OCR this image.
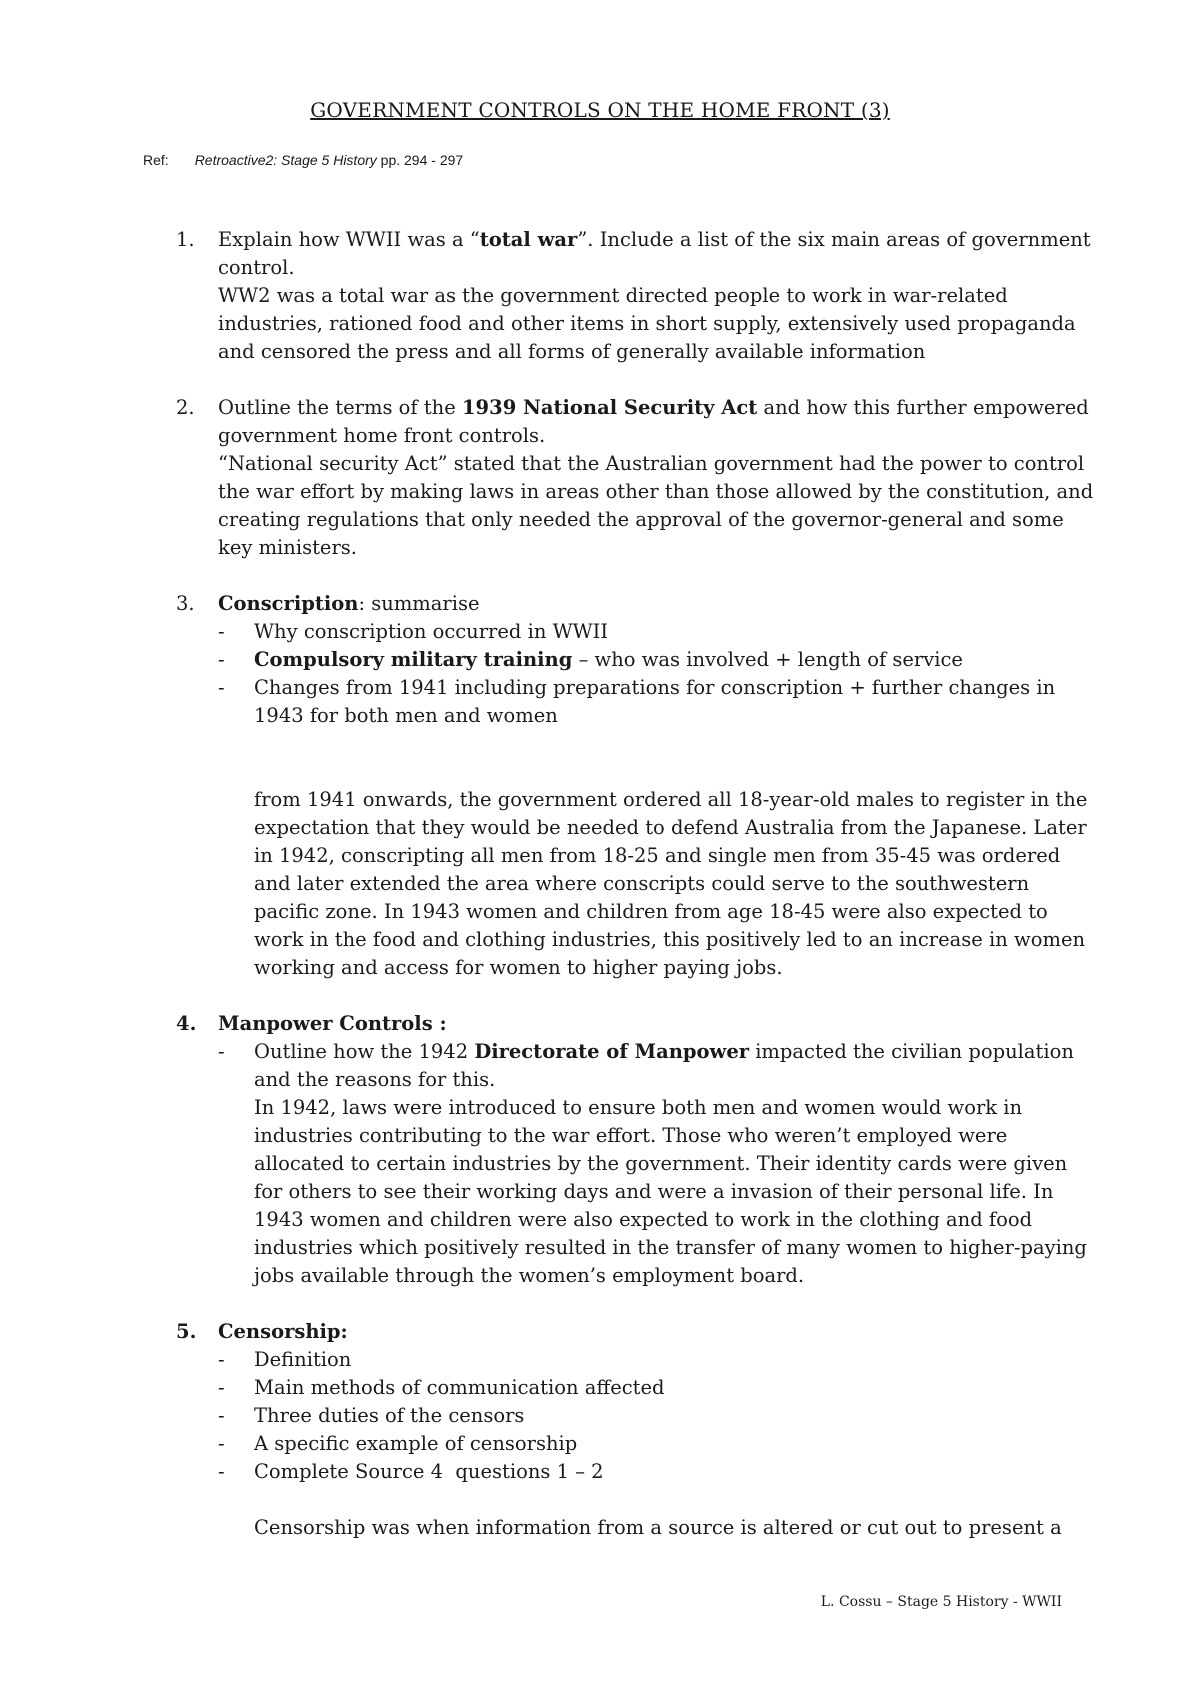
GOVERNMENT CONTROLS ON THE HOME FRONT (3)
Ref: Retroactive2: Stage 5 History pp. 294 - 297
1. Explain how WWII was a “total war”. Include a list of the six main areas of government control.

WW2 was a total war as the government directed people to work in war-related industries, rationed food and other items in short supply, extensively used propaganda and censored the press and all forms of generally available information

2. Outline the terms of the 1939 National Security Act and how this further empowered government home front controls.

“National security Act” stated that the Australian government had the power to control the war effort by making laws in areas other than those allowed by the constitution, and creating regulations that only needed the approval of the governor-general and some key ministers.

3. Conscription: summarise

- Why conscription occurred in WWII
- Compulsory military training – who was involved + length of service
- Changes from 1941 including preparations for conscription + further changes in 1943 for both men and women

from 1941 onwards, the government ordered all 18-year-old males to register in the expectation that they would be needed to defend Australia from the Japanese. Later in 1942, conscripting all men from 18-25 and single men from 35-45 was ordered and later extended the area where conscripts could serve to the southwestern pacific zone. In 1943 women and children from age 18-45 were also expected to work in the food and clothing industries, this positively led to an increase in women working and access for women to higher paying jobs.

4. Manpower Controls :

- Outline how the 1942 Directorate of Manpower impacted the civilian population and the reasons for this.
In 1942, laws were introduced to ensure both men and women would work in industries contributing to the war effort. Those who weren’t employed were allocated to certain industries by the government. Their identity cards were given for others to see their working days and were a invasion of their personal life. In 1943 women and children were also expected to work in the clothing and food industries which positively resulted in the transfer of many women to higher-paying jobs available through the women’s employment board.
5. Censorship:

- Definition
- Main methods of communication affected
- Three duties of the censors
- A specific example of censorship
- Complete Source 4  questions 1 – 2

Censorship was when information from a source is altered or cut out to present a

L. Cossu – Stage 5 History - WWII
